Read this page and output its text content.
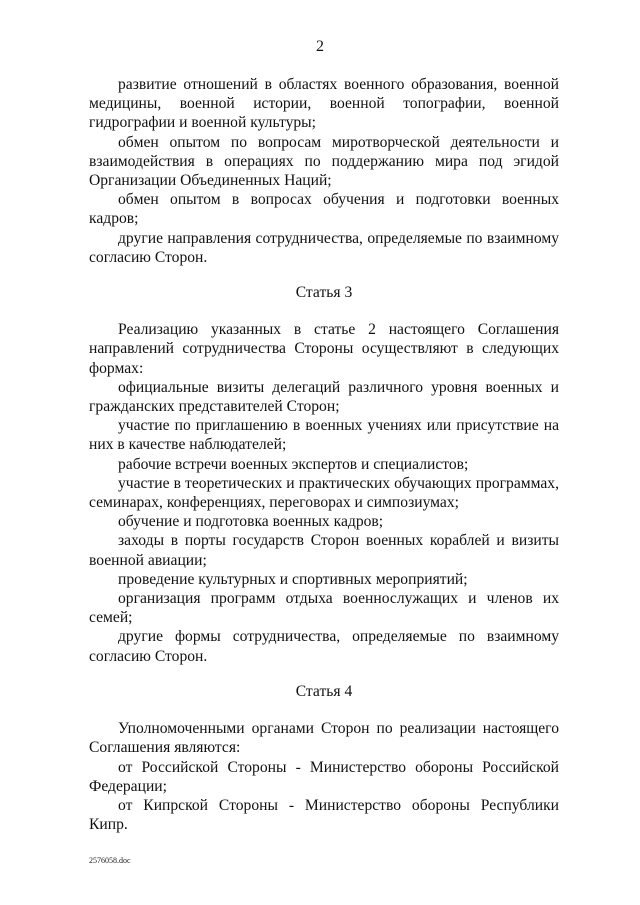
2

развитие отношений в областях военного образования, военной медицины, военной истории, военной топографии, военной гидрографии и военной культуры;

обмен опытом по вопросам миротворческой деятельности и взаимодействия в операциях по поддержанию мира под эгидой Организации Объединенных Наций;

обмен опытом в вопросах обучения и подготовки военных кадров;

другие направления сотрудничества, определяемые по взаимному согласию Сторон.

Статья 3

Реализацию указанных в статье 2 настоящего Соглашения направлений сотрудничества Стороны осуществляют в следующих формах:

официальные визиты делегаций различного уровня военных и гражданских представителей Сторон;

участие по приглашению в военных учениях или присутствие на них в качестве наблюдателей;

рабочие встречи военных экспертов и специалистов;

участие в теоретических и практических обучающих программах, семинарах, конференциях, переговорах и симпозиумах;

обучение и подготовка военных кадров;

заходы в порты государств Сторон военных кораблей и визиты военной авиации;

проведение культурных и спортивных мероприятий;

организация программ отдыха военнослужащих и членов их семей;

другие формы сотрудничества, определяемые по взаимному согласию Сторон.

Статья 4

Уполномоченными органами Сторон по реализации настоящего Соглашения являются:

от Российской Стороны - Министерство обороны Российской Федерации;

от Кипрской Стороны - Министерство обороны Республики Кипр.

2576058.doc
